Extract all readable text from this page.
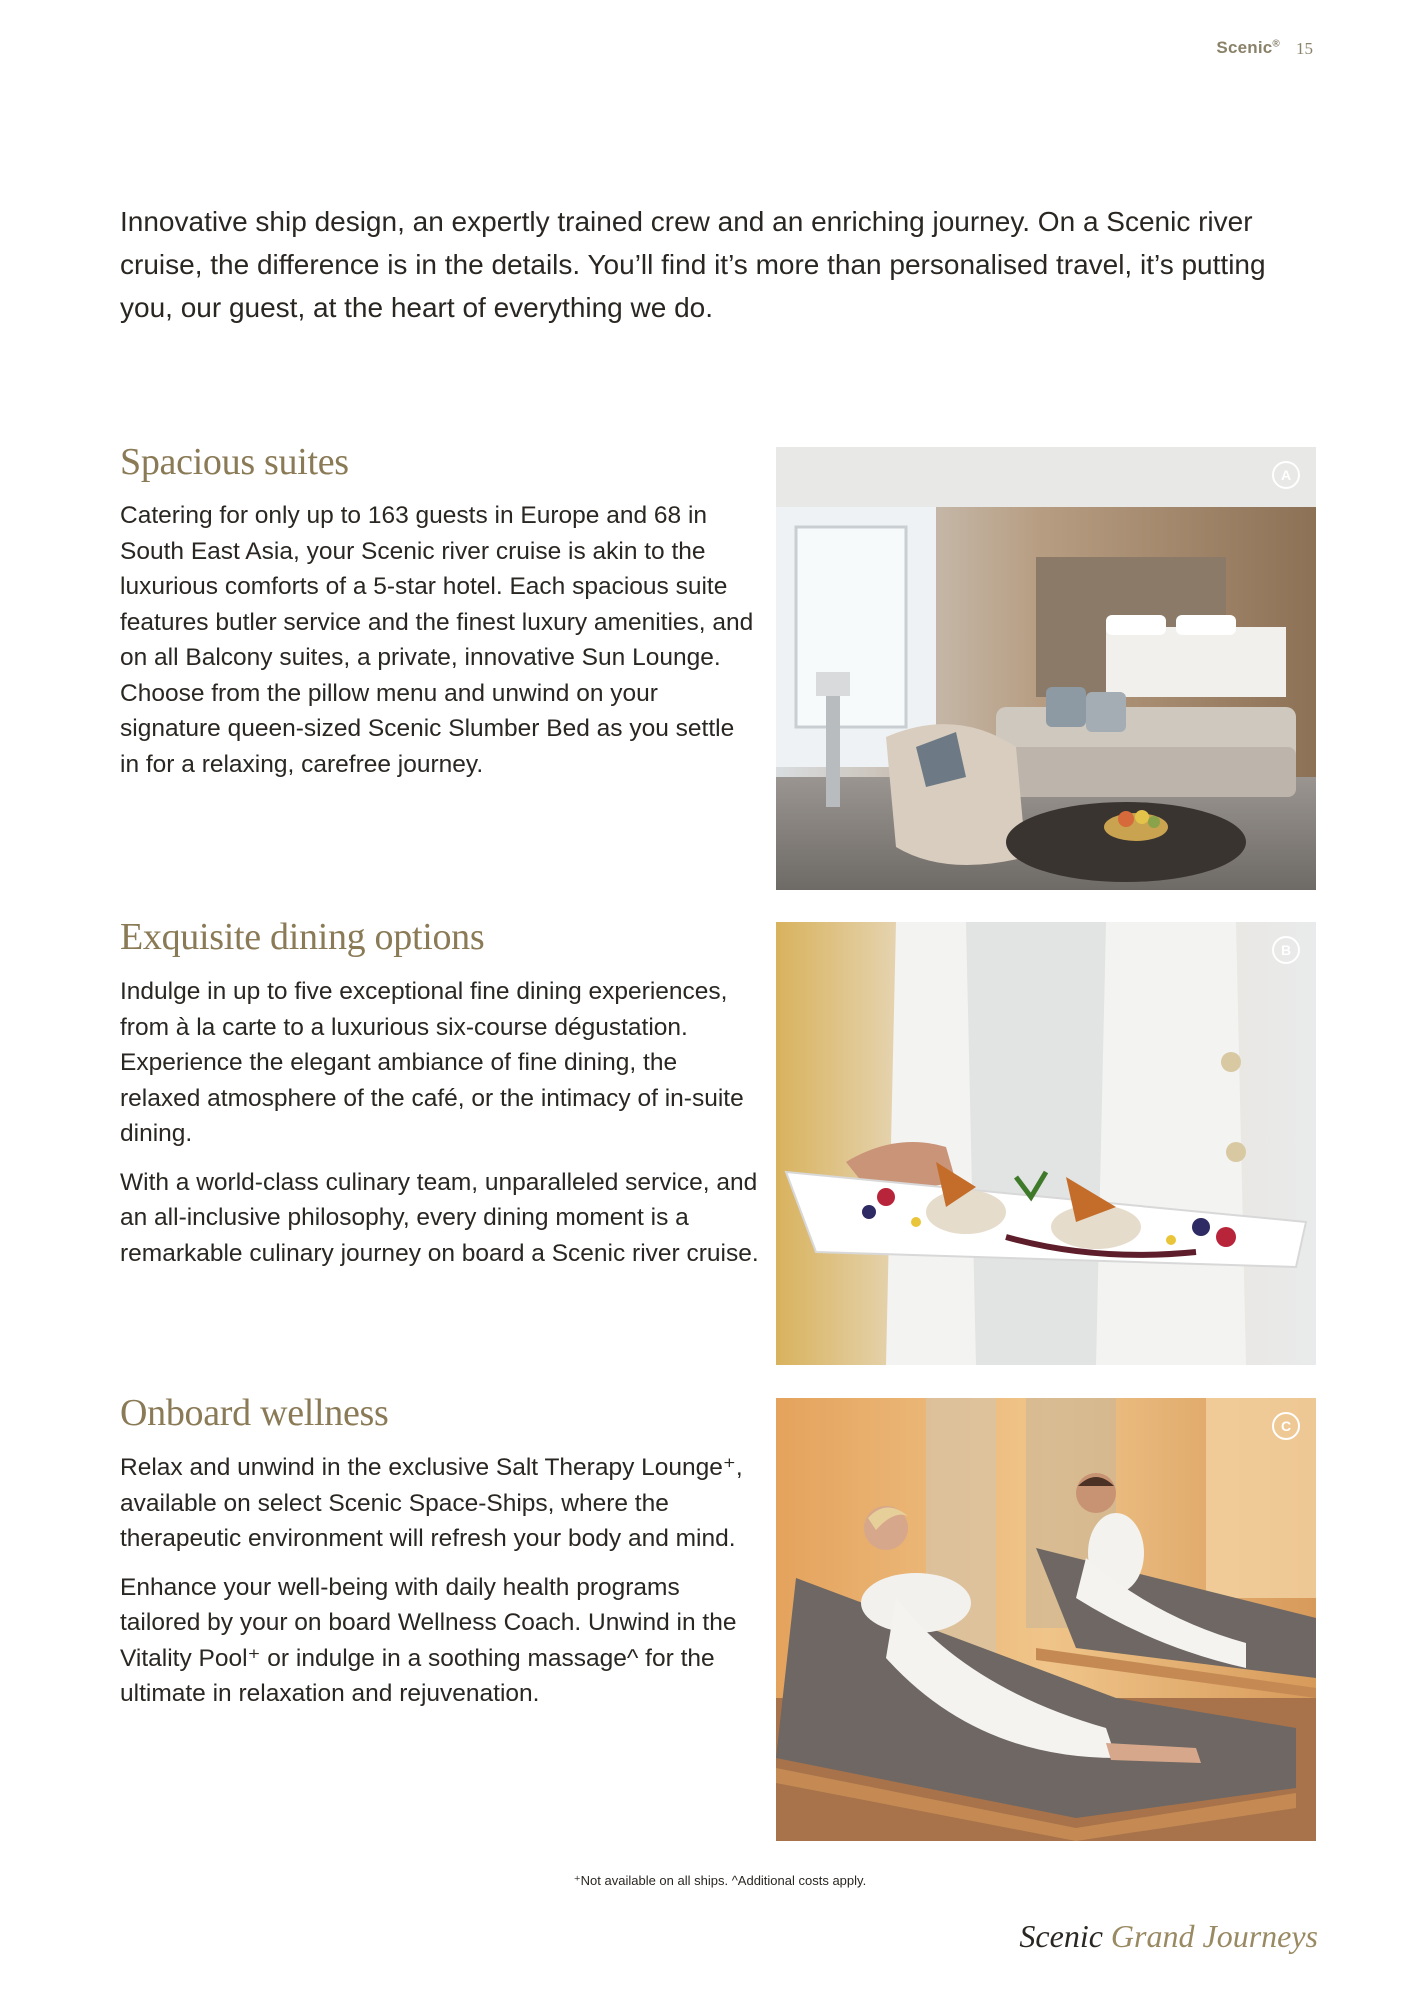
Scenic® 15

Innovative ship design, an expertly trained crew and an enriching journey. On a Scenic river cruise, the difference is in the details. You’ll find it’s more than personalised travel, it’s putting you, our guest, at the heart of everything we do.

Spacious suites

Catering for only up to 163 guests in Europe and 68 in South East Asia, your Scenic river cruise is akin to the luxurious comforts of a 5-star hotel. Each spacious suite features butler service and the finest luxury amenities, and on all Balcony suites, a private, innovative Sun Lounge. Choose from the pillow menu and unwind on your signature queen-sized Scenic Slumber Bed as you settle in for a relaxing, carefree journey.

A
Exquisite dining options

Indulge in up to five exceptional fine dining experiences, from à la carte to a luxurious six-course dégustation. Experience the elegant ambiance of fine dining, the relaxed atmosphere of the café, or the intimacy of in-suite dining.

With a world-class culinary team, unparalleled service, and an all-inclusive philosophy, every dining moment is a remarkable culinary journey on board a Scenic river cruise.

B
Onboard wellness

Relax and unwind in the exclusive Salt Therapy Lounge⁺, available on select Scenic Space-Ships, where the therapeutic environment will refresh your body and mind.

Enhance your well-being with daily health programs tailored by your on board Wellness Coach. Unwind in the Vitality Pool⁺ or indulge in a soothing massage^ for the ultimate in relaxation and rejuvenation.

C
⁺Not available on all ships. ^Additional costs apply.
Scenic Grand Journeys
